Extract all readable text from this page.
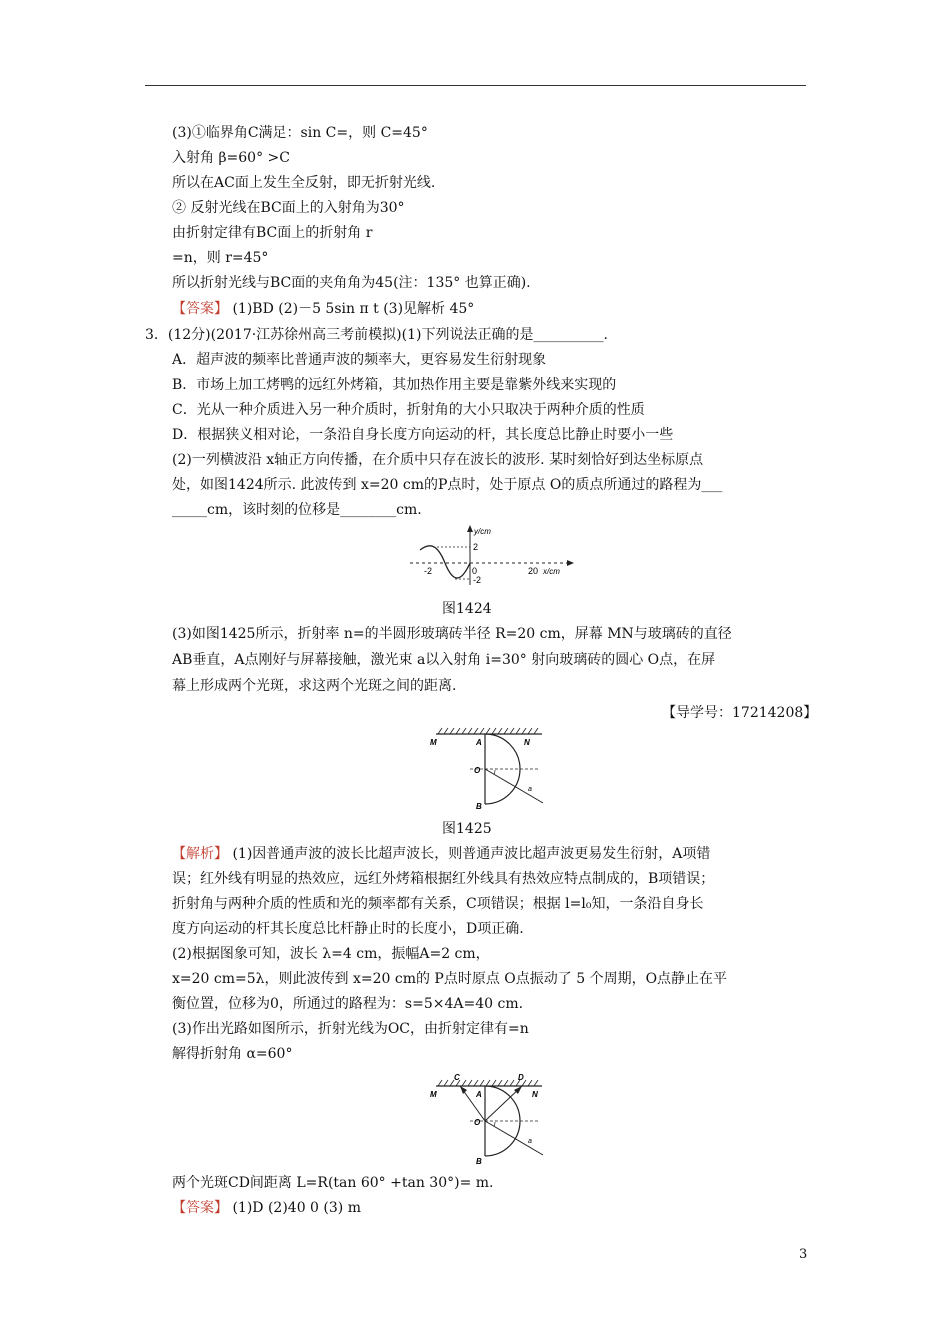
(3)①临界角C满足：sin C=，则 C=45°
入射角 β=60° >C
所以在AC面上发生全反射，即无折射光线.
② 反射光线在BC面上的入射角为30°
由折射定律有BC面上的折射角 r
=n，则 r=45°
所以折射光线与BC面的夹角角为45(注：135° 也算正确).
【答案】 (1)BD (2)－5 5sin π t (3)见解析 45°
3．(12分)(2017·江苏徐州高三考前模拟)(1)下列说法正确的是__________.
A．超声波的频率比普通声波的频率大，更容易发生衍射现象
B．市场上加工烤鸭的远红外烤箱，其加热作用主要是靠紫外线来实现的
C．光从一种介质进入另一种介质时，折射角的大小只取决于两种介质的性质
D．根据狭义相对论，一条沿自身长度方向运动的杆，其长度总比静止时要小一些
(2)一列横波沿 x轴正方向传播，在介质中只存在波长的波形. 某时刻恰好到达坐标原点
处，如图1424所示. 此波传到 x=20 cm的P点时，处于原点 O的质点所通过的路程为___
_____cm，该时刻的位移是________cm.
y/cm
2
-2
0
-2	20 x/cm
图1424
(3)如图1425所示，折射率 n=的半圆形玻璃砖半径 R=20 cm，屏幕 MN与玻璃砖的直径
AB垂直，A点刚好与屏幕接触，激光束 a以入射角 i=30° 射向玻璃砖的圆心 O点，在屏
幕上形成两个光斑，求这两个光斑之间的距离.
【导学号：17214208】
M	A	N
O i
a
B
图1425
【解析】 (1)因普通声波的波长比超声波长，则普通声波比超声波更易发生衍射，A项错
误；红外线有明显的热效应，远红外烤箱根据红外线具有热效应特点制成的，B项错误；
折射角与两种介质的性质和光的频率都有关系，C项错误；根据 l=l₀知，一条沿自身长
度方向运动的杆其长度总比杆静止时的长度小，D项正确.
(2)根据图象可知，波长 λ=4 cm，振幅A=2 cm，
x=20 cm=5λ，则此波传到 x=20 cm的 P点时原点 O点振动了 5 个周期，O点静止在平
衡位置，位移为0，所通过的路程为：s=5×4A=40 cm.
(3)作出光路如图所示，折射光线为OC，由折射定律有=n
解得折射角 α=60°
C	D
M	A	N
O i
a
B
两个光斑CD间距离 L=R(tan 60° +tan 30°)= m.
【答案】 (1)D (2)40 0 (3) m
3
